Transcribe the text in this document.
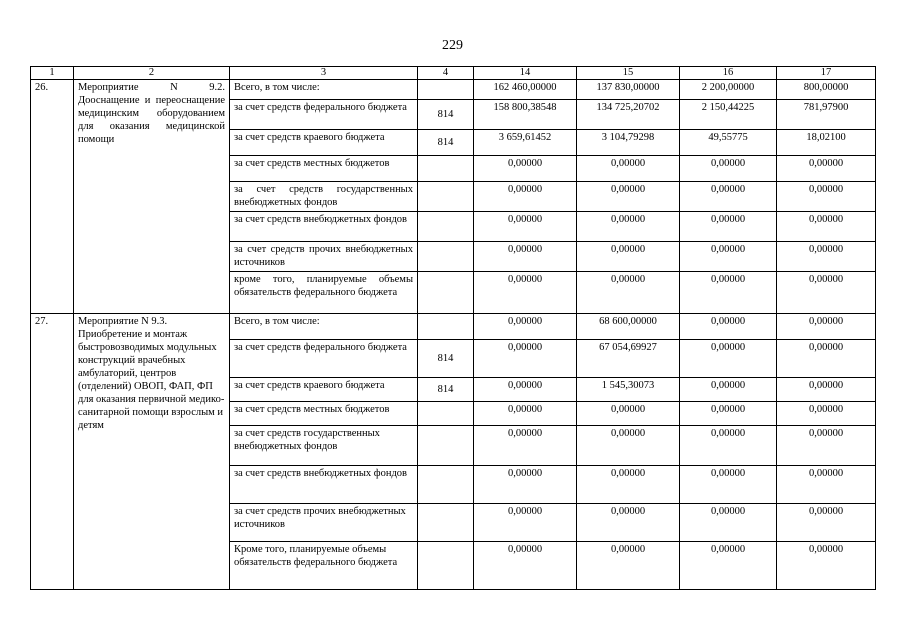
229
1	2	3	4	14	15	16	17
26.	Мероприятие N 9.2. Дооснащение и переоснащение медицинским оборудованием для оказания медицинской помощи	Всего, в том числе:		162 460,00000	137 830,00000	2 200,00000	800,00000
		за счет средств федерального бюджета	814	158 800,38548	134 725,20702	2 150,44225	781,97900
		за счет средств краевого бюджета	814	3 659,61452	3 104,79298	49,55775	18,02100
		за счет средств местных бюджетов		0,00000	0,00000	0,00000	0,00000
		за счет средств государственных внебюджетных фондов		0,00000	0,00000	0,00000	0,00000
		за счет средств внебюджетных фондов		0,00000	0,00000	0,00000	0,00000
		за счет средств прочих внебюджетных источников		0,00000	0,00000	0,00000	0,00000
		кроме того, планируемые объемы обязательств федерального бюджета		0,00000	0,00000	0,00000	0,00000
27.	Мероприятие N 9.3. Приобретение и монтаж быстровозводимых модульных конструкций врачебных амбулаторий, центров (отделений) ОВОП, ФАП, ФП для оказания первичной медико-санитарной помощи взрослым и детям	Всего, в том числе:		0,00000	68 600,00000	0,00000	0,00000
		за счет средств федерального бюджета	814	0,00000	67 054,69927	0,00000	0,00000
		за счет средств краевого бюджета	814	0,00000	1 545,30073	0,00000	0,00000
		за счет средств местных бюджетов		0,00000	0,00000	0,00000	0,00000
		за счет средств государственных внебюджетных фондов		0,00000	0,00000	0,00000	0,00000
		за счет средств внебюджетных фондов		0,00000	0,00000	0,00000	0,00000
		за счет средств прочих внебюджетных источников		0,00000	0,00000	0,00000	0,00000
		Кроме того, планируемые объемы обязательств федерального бюджета		0,00000	0,00000	0,00000	0,00000
